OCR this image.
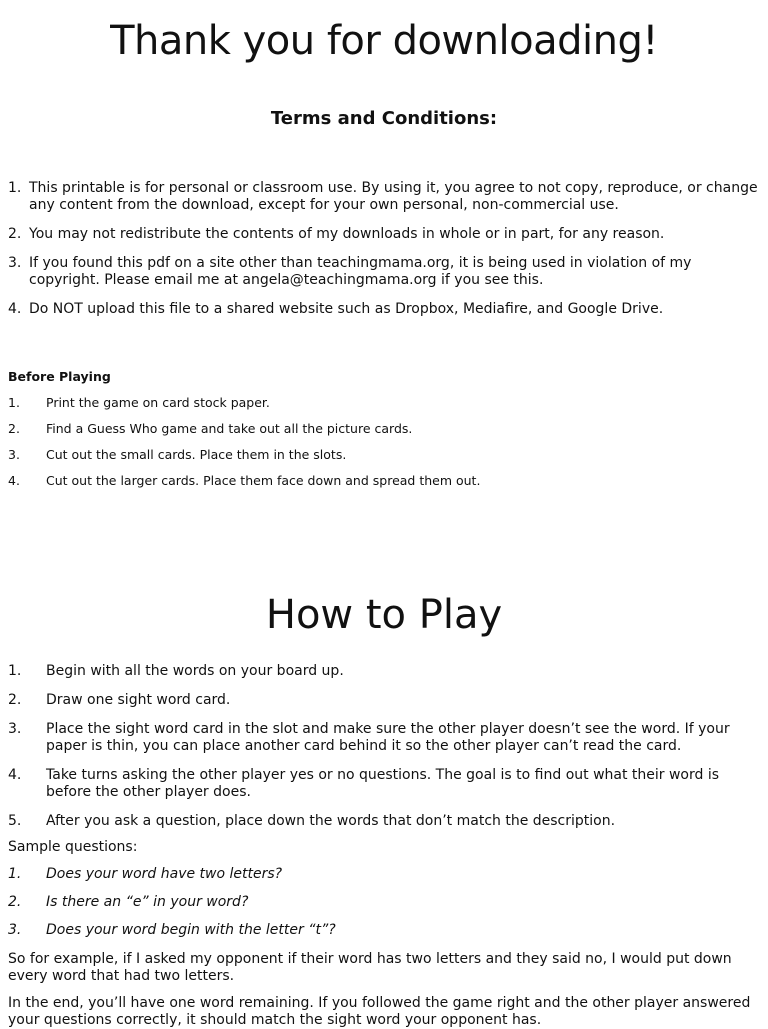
Thank you for downloading!
Terms and Conditions:
1. This printable is for personal or classroom use. By using it, you agree to not copy, reproduce, or change any content from the download, except for your own personal, non-commercial use.
2. You may not redistribute the contents of my downloads in whole or in part, for any reason.
3. If you found this pdf on a site other than teachingmama.org, it is being used in violation of my copyright. Please email me at angela@teachingmama.org if you see this.
4. Do NOT upload this file to a shared website such as Dropbox, Mediafire, and Google Drive.
Before Playing
1.	Print the game on card stock paper.
2.	Find a Guess Who game and take out all the picture cards.
3.	Cut out the small cards. Place them in the slots.
4.	Cut out the larger cards. Place them face down and spread them out.
How to Play
1.	Begin with all the words on your board up.
2.	Draw one sight word card.
3.	Place the sight word card in the slot and make sure the other player doesn’t see the word. If your paper is thin, you can place another card behind it so the other player can’t read the card.
4.	Take turns asking the other player yes or no questions. The goal is to find out what their word is before the other player does.
5.	After you ask a question, place down the words that don’t match the description.

Sample questions:

1.	Does your word have two letters?
2.	Is there an “e” in your word?
3.	Does your word begin with the letter “t”?

So for example, if I asked my opponent if their word has two letters and they said no, I would put down every word that had two letters.

In the end, you’ll have one word remaining. If you followed the game right and the other player answered your questions correctly, it should match the sight word your opponent has.
